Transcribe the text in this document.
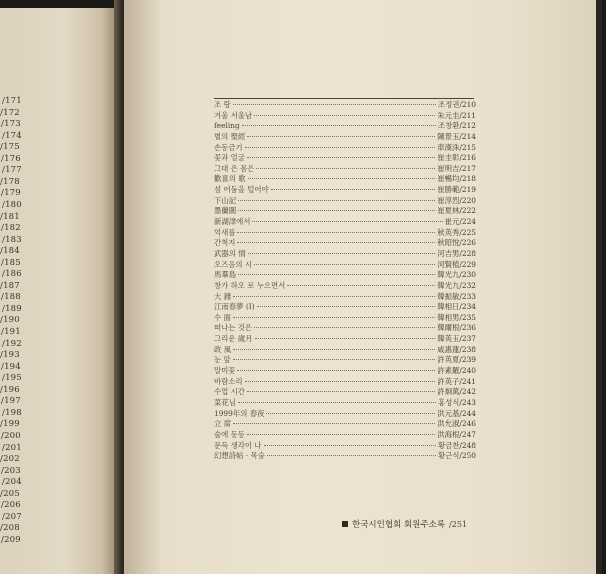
/171
/172
/173
/174
/175
/176
/177
/178
/179
/180
/181
/182
/183
/184
/185
/186
/187
/188
/189
/190
/191
/192
/193
/194
/195
/196
/197
/198
/199
/200
/201
/202
/203
/204
/205
/206
/207
/208
/209
조 랑	조정권/210
겨울 서울남	朱元圭/211
feeling	조창환/212
별의 聖經	陳景玉/214
손동금기	車漢洙/215
꽃과 얼굴	崔圭彰/216
그대 은 몸은	崔明吉/217
歡喜의 歌	崔暢均/218
섬 어둠을 털어야	崔勝範/219
下山記	崔淳烈/220
墨蘭圖	崔夏林/222
新湖津에서	崔元/224
억새풀	秋英秀/225
간척지	秋昭悅/226
武器의 情	河吉男/228
오즈음의 시	河賢植/229
馬羣島	韓光九/230
창가 하오 로 누으면서	韓光九/232
大 雜	韓振敏/233
江南春夢 (I)	韓相日/234
수 面	韓相男/235
떠나는 것은	韓爾根/236
그리운 歲月	韓英玉/237
政 風	咸惠蓮/238
눈 앞	許英夏/239
말미꽃	許素羅/240
바람소리	許英子/241
수업 시간	許炯萬/242
菜花님	홍성식/243
1999年의 春夜	洪元基/244
立 席	洪允淑/246
술에 동동	洪海根/247
문득 생각이 나	황금찬/248
幻想詩帖 · 목숨	황근식/250
한국시인협회 회원주소록 /251
